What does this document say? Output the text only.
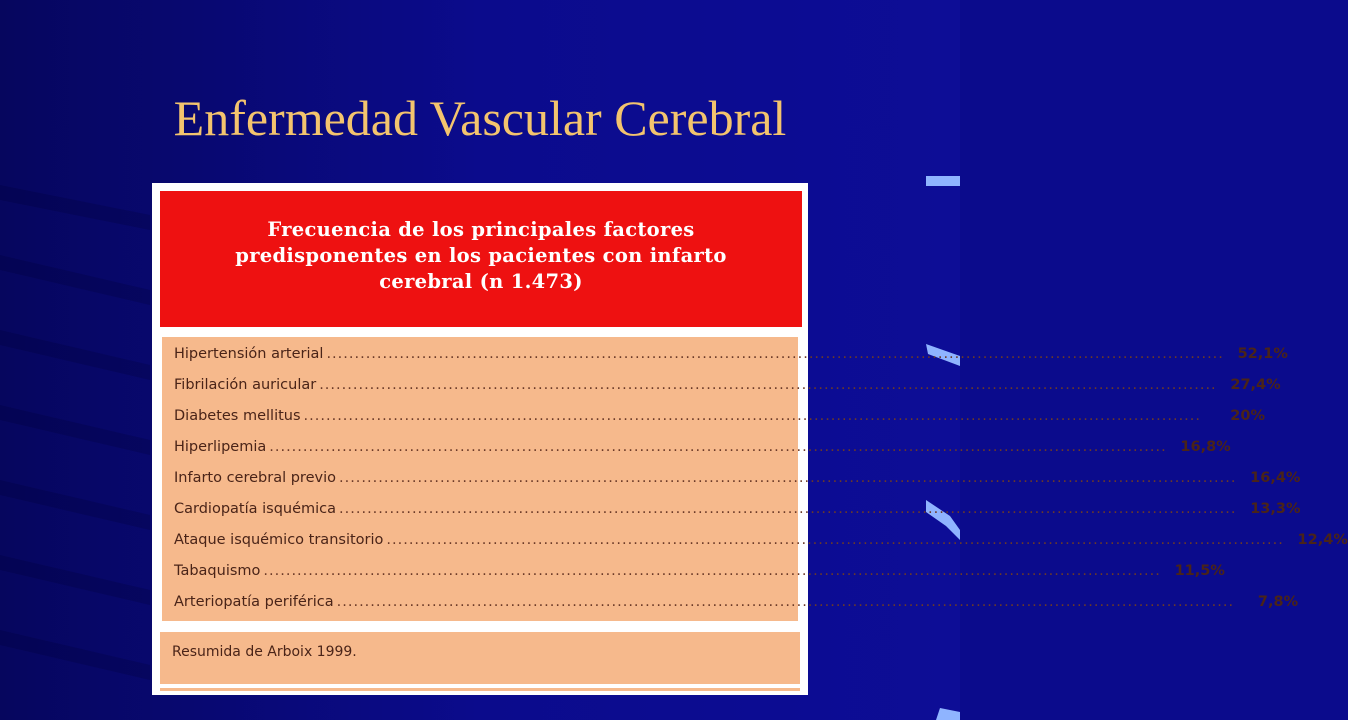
Enfermedad Vascular Cerebral
Frecuencia de los principales factores
predisponentes en los pacientes con infarto
cerebral (n 1.473)
Hipertensión arterial ................................................................................................................................................................ 52,1%
Fibrilación auricular ................................................................................................................................................................ 27,4%
Diabetes mellitus ................................................................................................................................................................	20%
Hiperlipemia ................................................................................................................................................................ 16,8%
Infarto cerebral previo ................................................................................................................................................................ 16,4%
Cardiopatía isquémica ................................................................................................................................................................ 13,3%
Ataque isquémico transitorio ................................................................................................................................................................ 12,4%
Tabaquismo ................................................................................................................................................................ 11,5%
Arteriopatía periférica ................................................................................................................................................................	7,8%
Resumida de Arboix 1999.
